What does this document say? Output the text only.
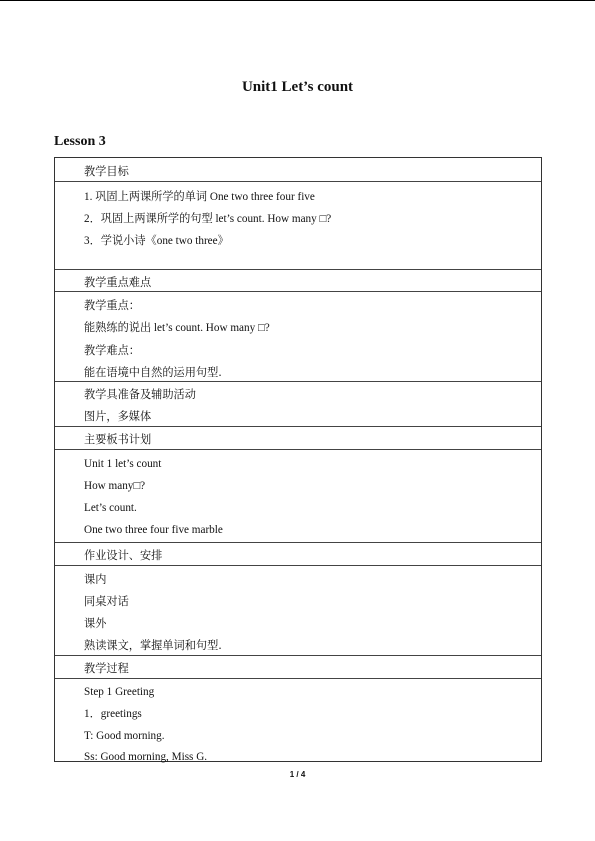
Unit1 Let’s count
Lesson 3
教学目标
1. 巩固上两课所学的单词 One two three four five
2．巩固上两课所学的句型 let’s count. How many □?
3．学说小诗《one two three》
教学重点难点
教学重点：
能熟练的说出 let’s count. How many □?
教学难点：
能在语境中自然的运用句型.
教学具准备及辅助活动
图片，多媒体
主要板书计划
Unit 1 let’s count
How many□?
Let’s count.
One two three four five marble
作业设计、安排
课内
同桌对话
课外
熟读课文，掌握单词和句型.
教学过程
Step 1 Greeting
1．greetings
T: Good morning.
Ss: Good morning, Miss G.
1 / 4
